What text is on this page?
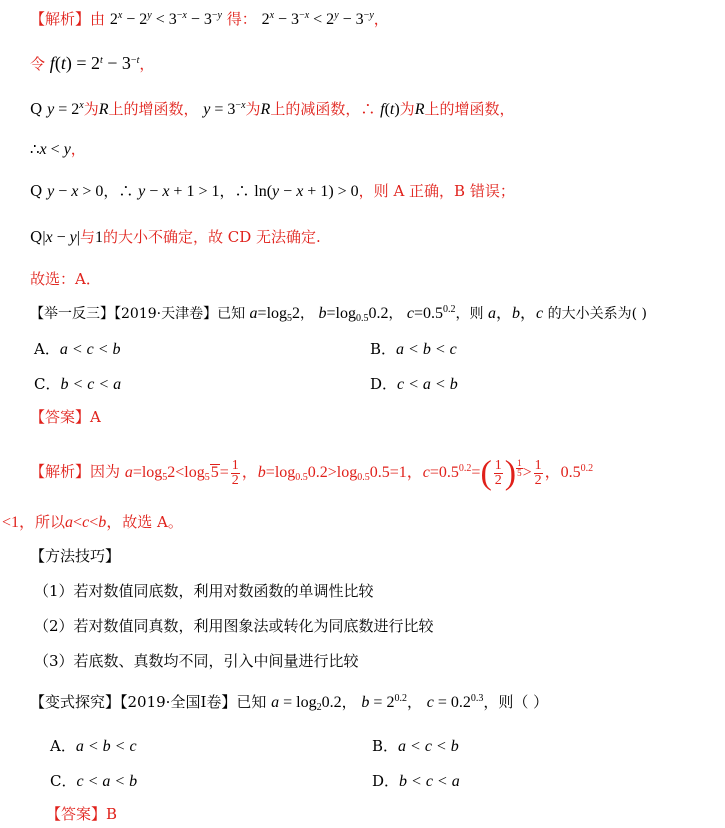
【解析】由 $2^x - 2^y < 3^{-x} - 3^{-y}$ 得： $2^x - 3^{-x} < 2^y - 3^{-y}$，
令 $f(t) = 2^t - 3^{-t}$，
Q $y = 2^x$为R上的增函数， $y = 3^{-x}$为R上的减函数，∴ f(t)为R上的增函数，
∴x < y，
Q y − x > 0，∴ y − x + 1 > 1，∴ ln(y − x + 1) > 0，则 A 正确，B 错误；
Q|x − y|与1的大小不确定，故 CD 无法确定.
故选：A．
【举一反三】【2019·天津卷】已知 $a=\log_52$， $b=\log_{0.5}0.2$， $c=0.5^{0.2}$，则 a，b，c 的大小关系为( )
A．a < c < b	B．a < b < c
C．b < c < a	D．c < a < b
【答案】A
【解析】因为 $a=\log_52<\log_55= \frac{1}{2}$ ，$b=\log_{0.5}0.2>\log_{0.5}0.5=1$，$c=0.5^{0.2}=( \frac{1}{2}$ ) $^{\frac{1}{5}} > \frac{1}{2}$ ，$0.5^{0.2}$
<1，所以a<c<b，故选 A。
【方法技巧】
（1）若对数值同底数，利用对数函数的单调性比较
（2）若对数值同真数，利用图象法或转化为同底数进行比较
（3）若底数、真数均不同，引入中间量进行比较
【变式探究】【2019·全国Ⅰ卷】已知 $a = \log_20.2$， $b = 2^{0.2}$， $c = 0.2^{0.3}$，则（ ）
A．a < b < c	B．a < c < b
C．c < a < b	D．b < c < a
【答案】B
